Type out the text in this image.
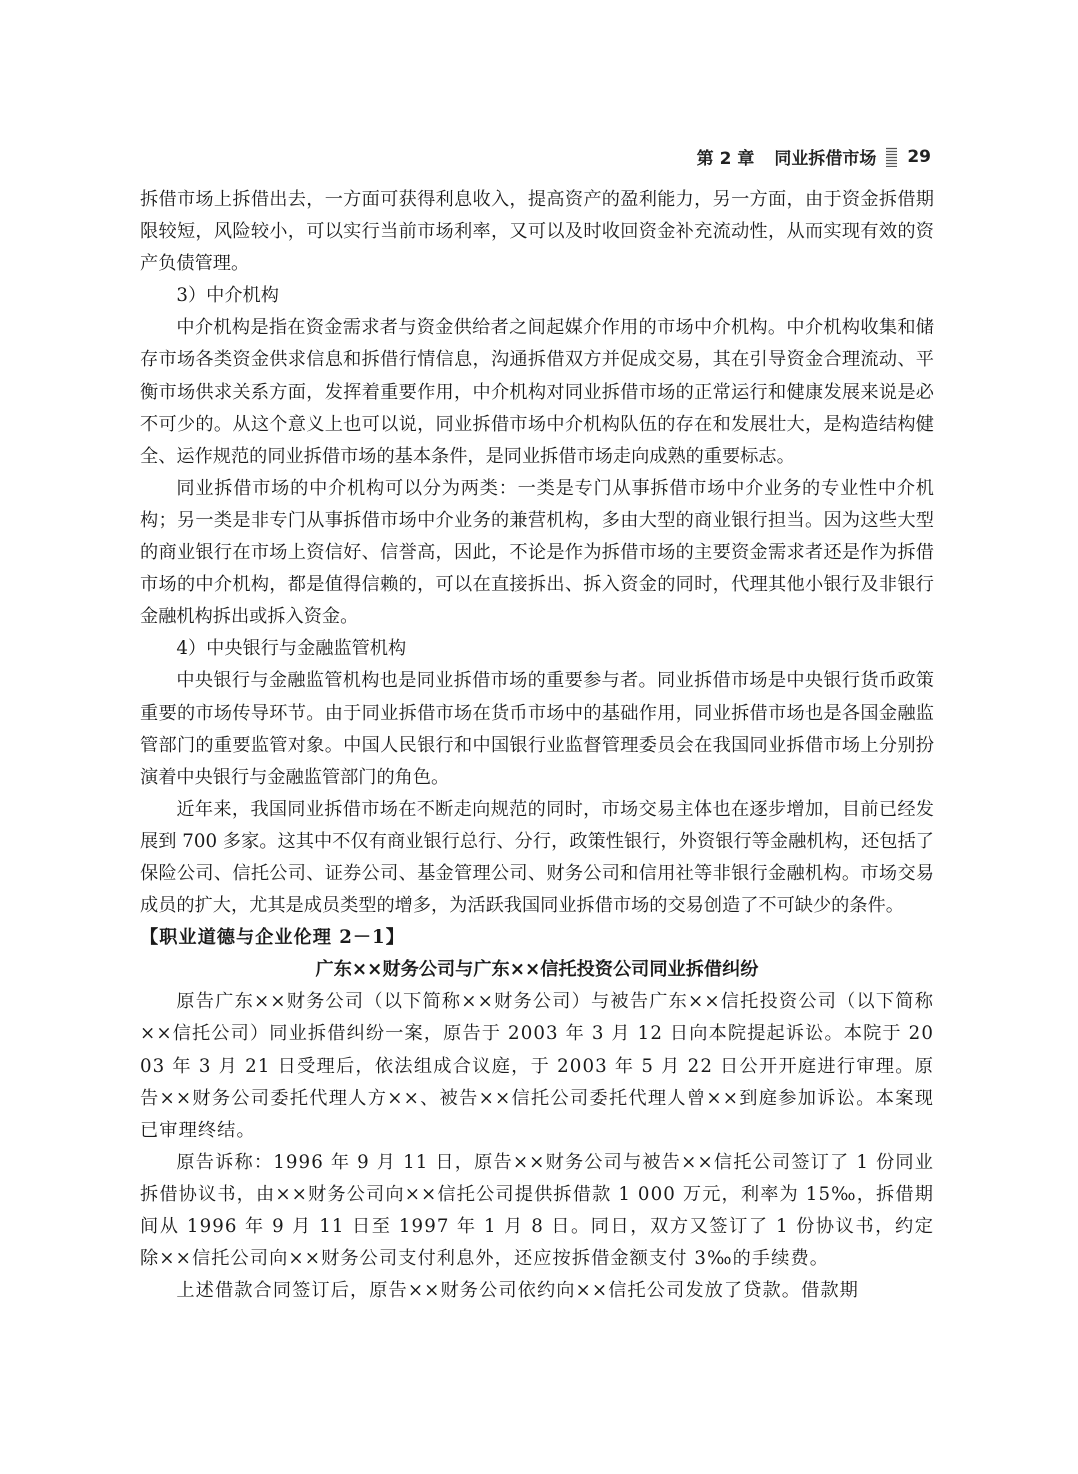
第 2 章 同业拆借市场 29

拆借市场上拆借出去，一方面可获得利息收入，提高资产的盈利能力，另一方面，由于资金拆借期限较短，风险较小，可以实行当前市场利率，又可以及时收回资金补充流动性，从而实现有效的资产负债管理。

3）中介机构

中介机构是指在资金需求者与资金供给者之间起媒介作用的市场中介机构。中介机构收集和储存市场各类资金供求信息和拆借行情信息，沟通拆借双方并促成交易，其在引导资金合理流动、平衡市场供求关系方面，发挥着重要作用，中介机构对同业拆借市场的正常运行和健康发展来说是必不可少的。从这个意义上也可以说，同业拆借市场中介机构队伍的存在和发展壮大，是构造结构健全、运作规范的同业拆借市场的基本条件，是同业拆借市场走向成熟的重要标志。

同业拆借市场的中介机构可以分为两类：一类是专门从事拆借市场中介业务的专业性中介机构；另一类是非专门从事拆借市场中介业务的兼营机构，多由大型的商业银行担当。因为这些大型的商业银行在市场上资信好、信誉高，因此，不论是作为拆借市场的主要资金需求者还是作为拆借市场的中介机构，都是值得信赖的，可以在直接拆出、拆入资金的同时，代理其他小银行及非银行金融机构拆出或拆入资金。

4）中央银行与金融监管机构

中央银行与金融监管机构也是同业拆借市场的重要参与者。同业拆借市场是中央银行货币政策重要的市场传导环节。由于同业拆借市场在货币市场中的基础作用，同业拆借市场也是各国金融监管部门的重要监管对象。中国人民银行和中国银行业监督管理委员会在我国同业拆借市场上分别扮演着中央银行与金融监管部门的角色。

近年来，我国同业拆借市场在不断走向规范的同时，市场交易主体也在逐步增加，目前已经发展到 700 多家。这其中不仅有商业银行总行、分行，政策性银行，外资银行等金融机构，还包括了保险公司、信托公司、证券公司、基金管理公司、财务公司和信用社等非银行金融机构。市场交易成员的扩大，尤其是成员类型的增多，为活跃我国同业拆借市场的交易创造了不可缺少的条件。

【职业道德与企业伦理 2－1】
广东××财务公司与广东××信托投资公司同业拆借纠纷

原告广东××财务公司（以下简称××财务公司）与被告广东××信托投资公司（以下简称××信托公司）同业拆借纠纷一案，原告于 2003 年 3 月 12 日向本院提起诉讼。本院于 2003 年 3 月 21 日受理后，依法组成合议庭，于 2003 年 5 月 22 日公开开庭进行审理。原告××财务公司委托代理人方××、被告××信托公司委托代理人曾××到庭参加诉讼。本案现已审理终结。

原告诉称：1996 年 9 月 11 日，原告××财务公司与被告××信托公司签订了 1 份同业拆借协议书，由××财务公司向××信托公司提供拆借款 1 000 万元，利率为 15‰，拆借期间从 1996 年 9 月 11 日至 1997 年 1 月 8 日。同日，双方又签订了 1 份协议书，约定除××信托公司向××财务公司支付利息外，还应按拆借金额支付 3‰的手续费。

上述借款合同签订后，原告××财务公司依约向××信托公司发放了贷款。借款期
